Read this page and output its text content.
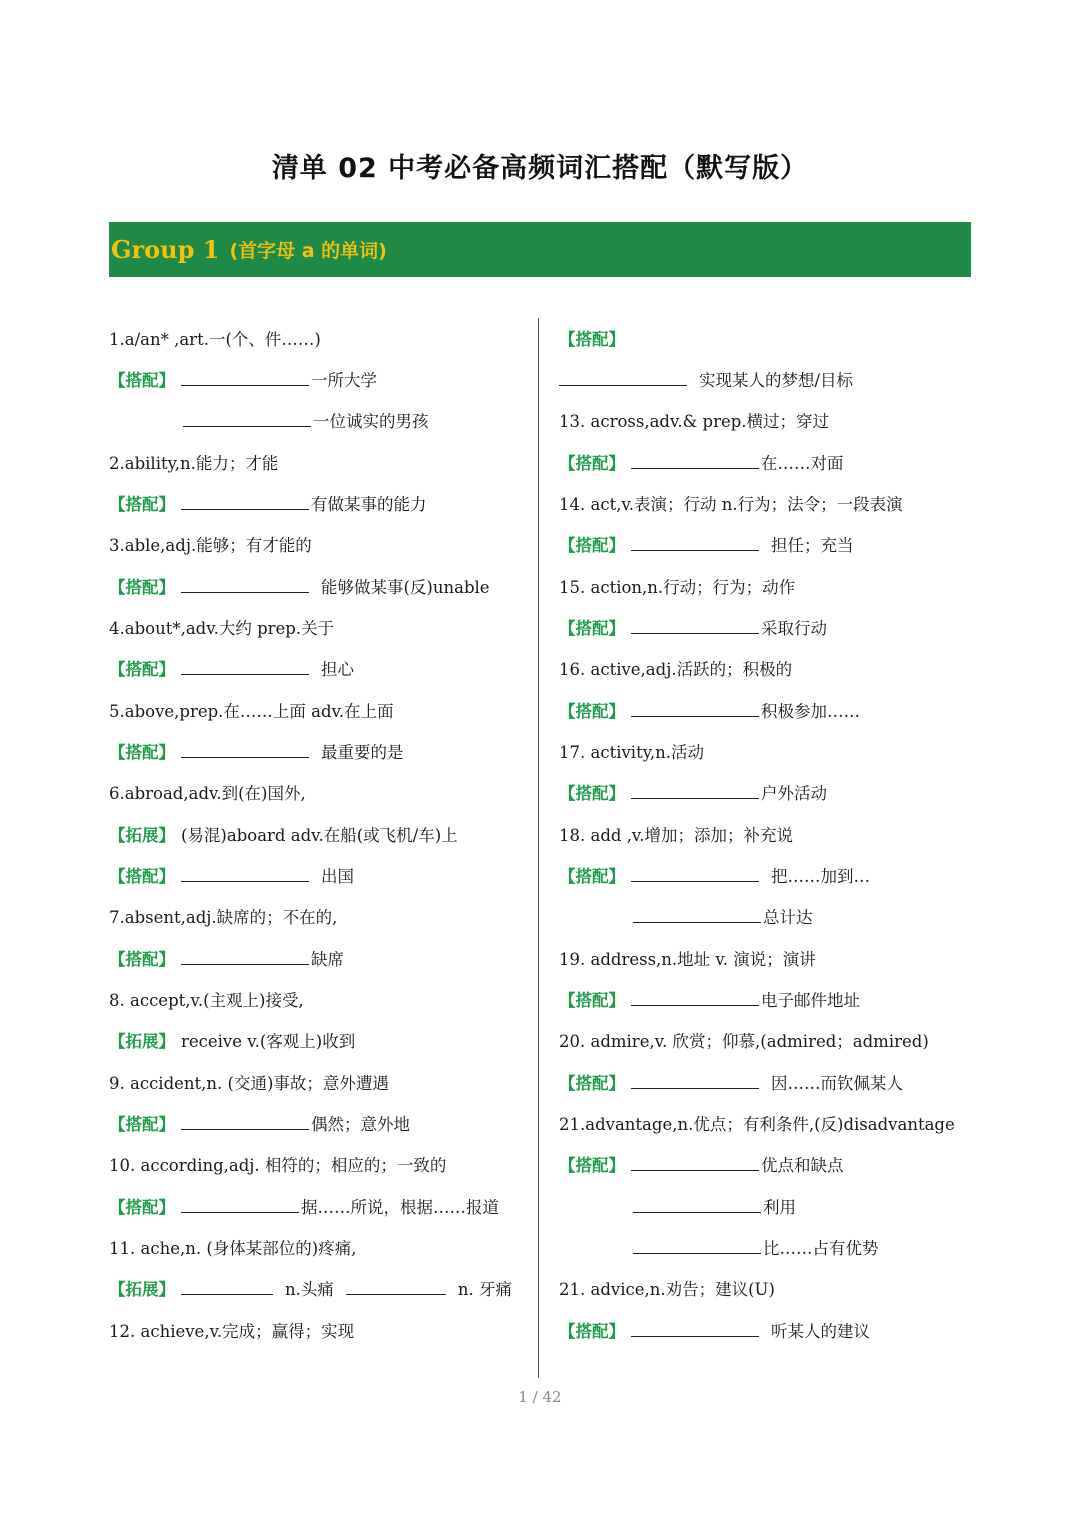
清单 02 中考必备高频词汇搭配（默写版）
Group 1 (首字母 a 的单词)
1.a/an* ,art.一(个、件……)
【搭配】	一所大学
一位诚实的男孩
2.ability,n.能力；才能
【搭配】	有做某事的能力
3.able,adj.能够；有才能的
【搭配】	能够做某事(反)unable
4.about*,adv.大约 prep.关于
【搭配】	担心
5.above,prep.在……上面 adv.在上面
【搭配】	最重要的是
6.abroad,adv.到(在)国外,
【拓展】 (易混)aboard adv.在船(或飞机/车)上
【搭配】	出国
7.absent,adj.缺席的；不在的,
【搭配】	缺席
8. accept,v.(主观上)接受,
【拓展】 receive v.(客观上)收到
9. accident,n. (交通)事故；意外遭遇
【搭配】	偶然；意外地
10. according,adj. 相符的；相应的；一致的
【搭配】	据……所说，根据……报道
11. ache,n. (身体某部位的)疼痛,
【拓展】	n.头痛	n. 牙痛
12. achieve,v.完成；赢得；实现
【搭配】
实现某人的梦想/目标
13. across,adv.& prep.横过；穿过
【搭配】	在……对面
14. act,v.表演；行动 n.行为；法令；一段表演
【搭配】	担任；充当
15. action,n.行动；行为；动作
【搭配】	采取行动
16. active,adj.活跃的；积极的
【搭配】	积极参加……
17. activity,n.活动
【搭配】	户外活动
18. add ,v.增加；添加；补充说
【搭配】	把……加到…
总计达
19. address,n.地址 v. 演说；演讲
【搭配】	电子邮件地址
20. admire,v. 欣赏；仰慕,(admired；admired)
【搭配】	因……而钦佩某人
21.advantage,n.优点；有利条件,(反)disadvantage
【搭配】	优点和缺点
利用
比……占有优势
21. advice,n.劝告；建议(U)
【搭配】	听某人的建议
1 / 42
